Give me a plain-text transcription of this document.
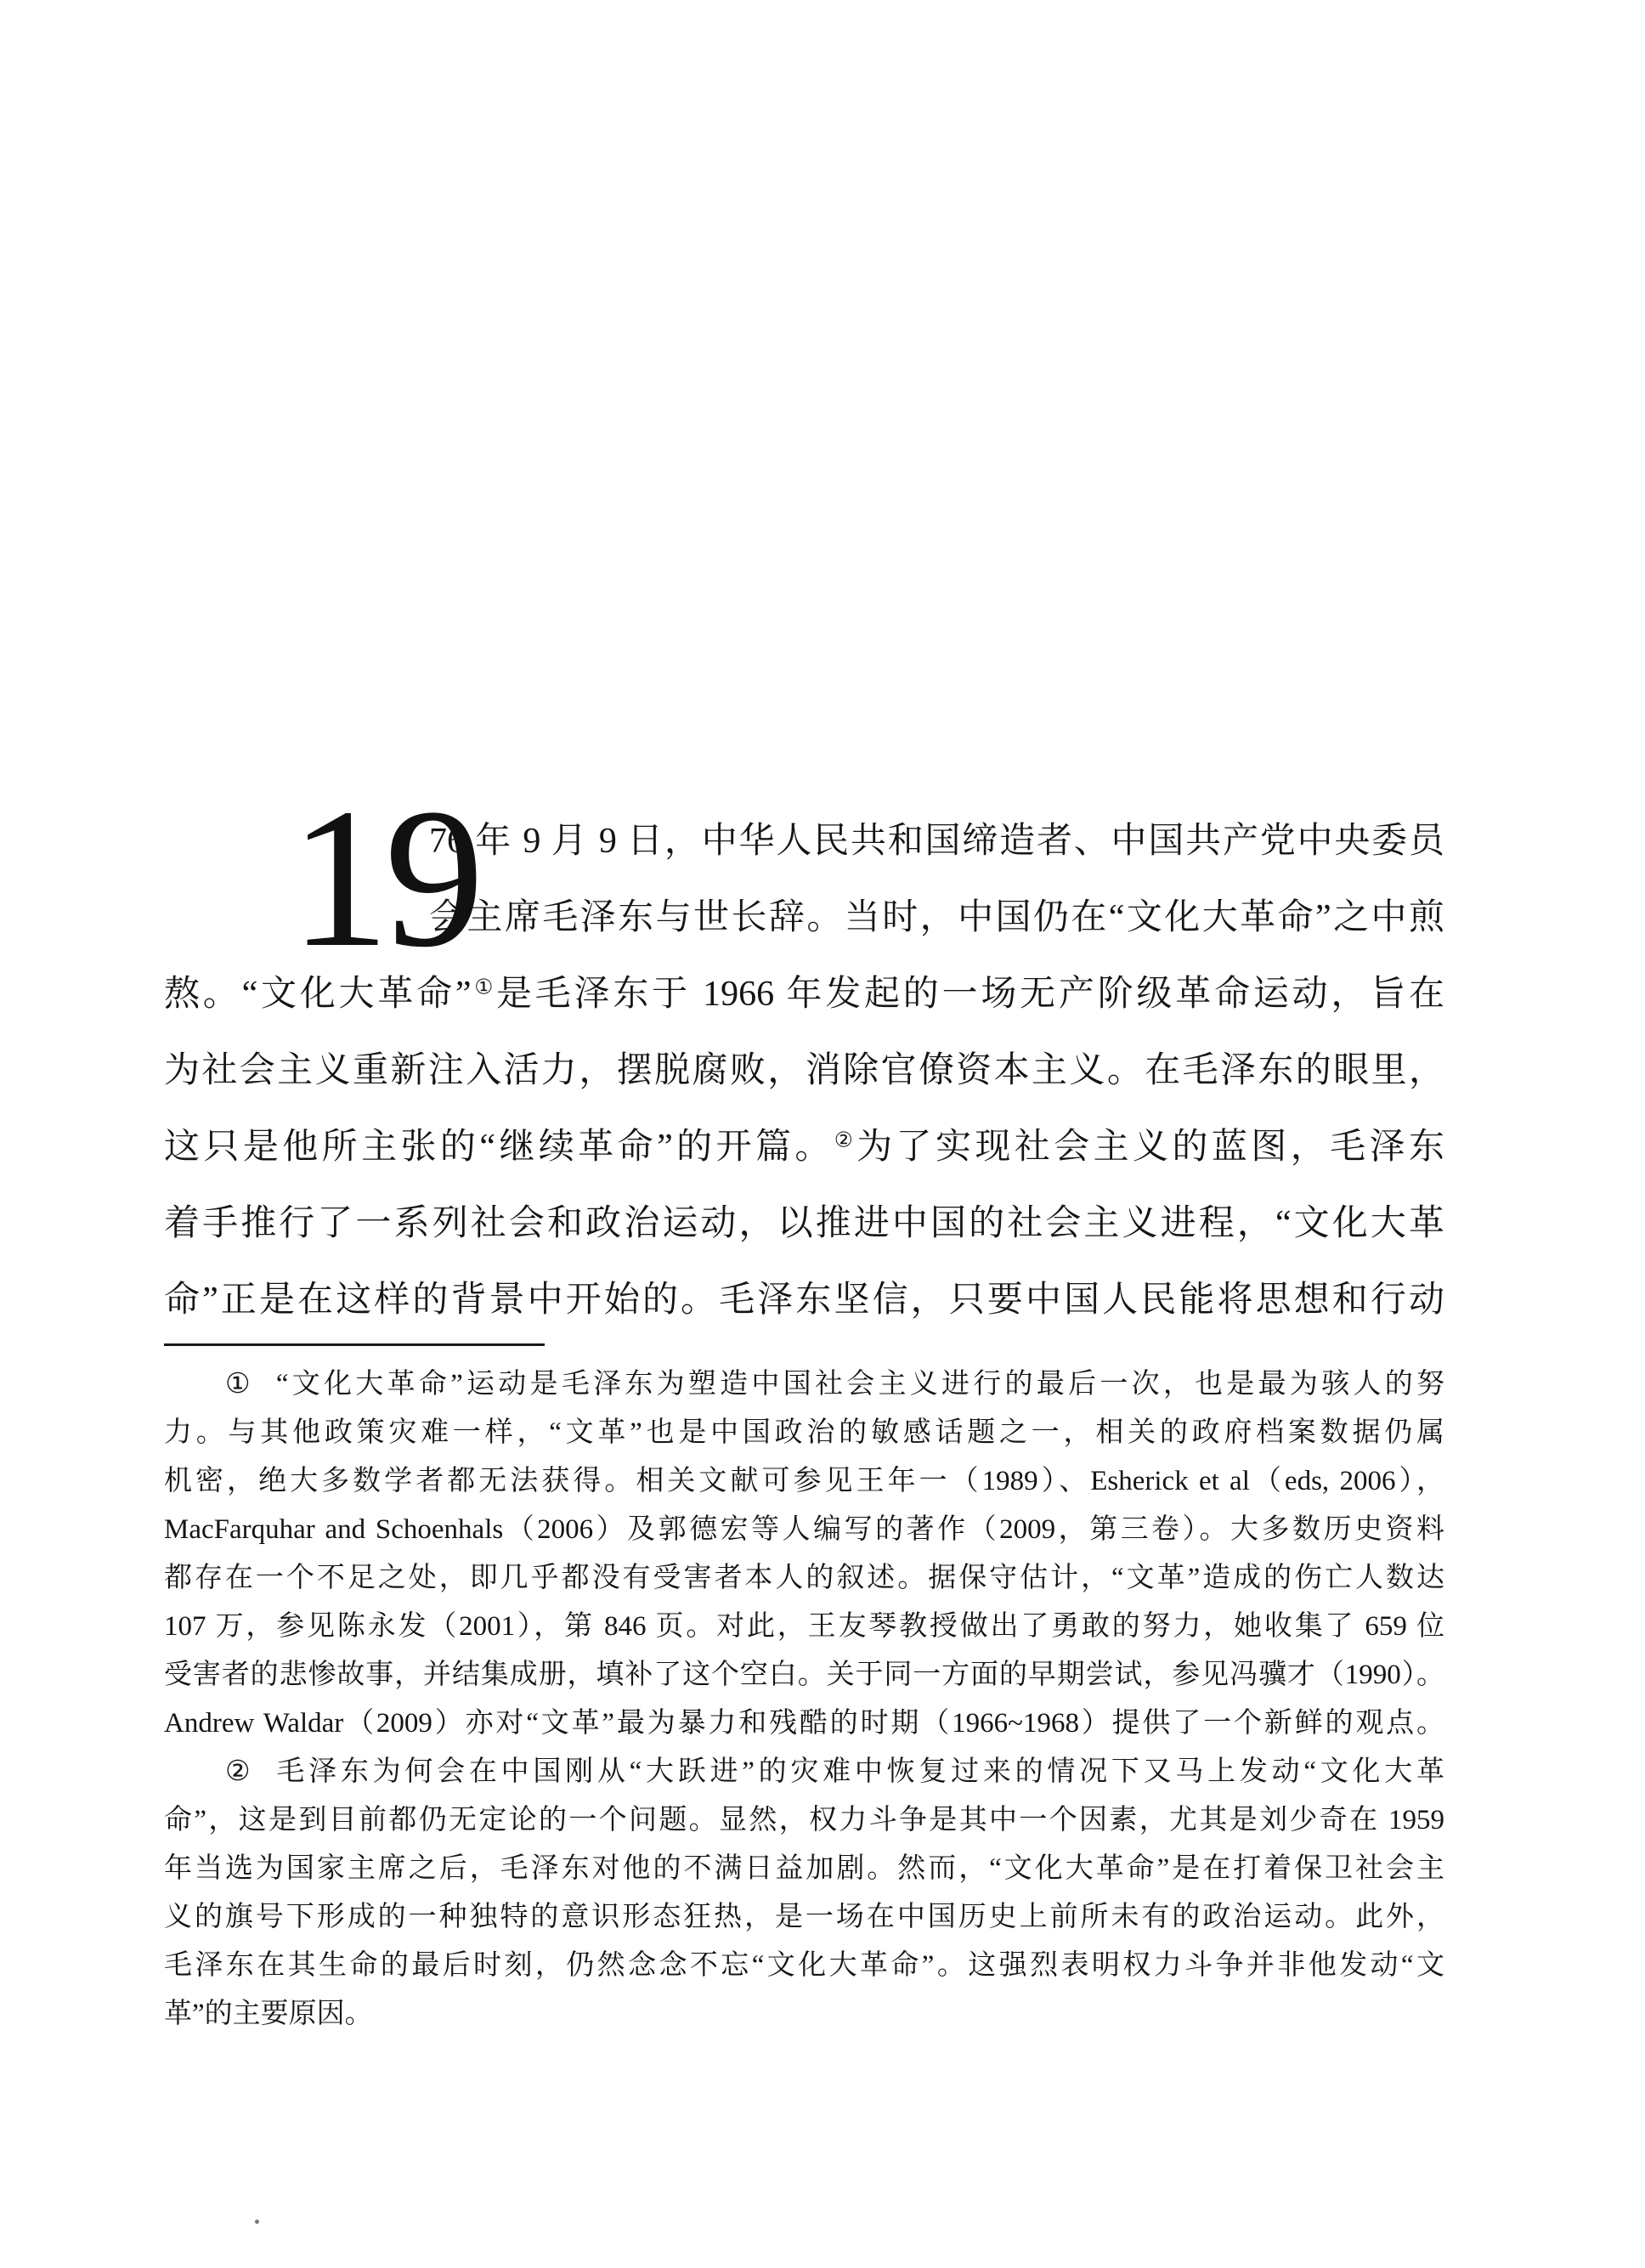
19
76 年 9 月 9 日，中华人民共和国缔造者、中国共产党中央委员
会主席毛泽东与世长辞。当时，中国仍在“文化大革命”之中煎
熬。“文化大革命”①是毛泽东于 1966 年发起的一场无产阶级革命运动，旨在
为社会主义重新注入活力，摆脱腐败，消除官僚资本主义。在毛泽东的眼里，
这只是他所主张的“继续革命”的开篇。②为了实现社会主义的蓝图，毛泽东
着手推行了一系列社会和政治运动，以推进中国的社会主义进程，“文化大革
命”正是在这样的背景中开始的。毛泽东坚信，只要中国人民能将思想和行动
① “文化大革命”运动是毛泽东为塑造中国社会主义进行的最后一次，也是最为骇人的努
力。与其他政策灾难一样，“文革”也是中国政治的敏感话题之一，相关的政府档案数据仍属
机密，绝大多数学者都无法获得。相关文献可参见王年一（1989）、Esherick et al（eds, 2006），
MacFarquhar and Schoenhals（2006）及郭德宏等人编写的著作（2009，第三卷）。大多数历史资料
都存在一个不足之处，即几乎都没有受害者本人的叙述。据保守估计，“文革”造成的伤亡人数达
107 万，参见陈永发（2001），第 846 页。对此，王友琴教授做出了勇敢的努力，她收集了 659 位
受害者的悲惨故事，并结集成册，填补了这个空白。关于同一方面的早期尝试，参见冯骥才（1990）。
Andrew Waldar（2009）亦对“文革”最为暴力和残酷的时期（1966~1968）提供了一个新鲜的观点。
② 毛泽东为何会在中国刚从“大跃进”的灾难中恢复过来的情况下又马上发动“文化大革
命”，这是到目前都仍无定论的一个问题。显然，权力斗争是其中一个因素，尤其是刘少奇在 1959
年当选为国家主席之后，毛泽东对他的不满日益加剧。然而，“文化大革命”是在打着保卫社会主
义的旗号下形成的一种独特的意识形态狂热，是一场在中国历史上前所未有的政治运动。此外，
毛泽东在其生命的最后时刻，仍然念念不忘“文化大革命”。这强烈表明权力斗争并非他发动“文
革”的主要原因。
